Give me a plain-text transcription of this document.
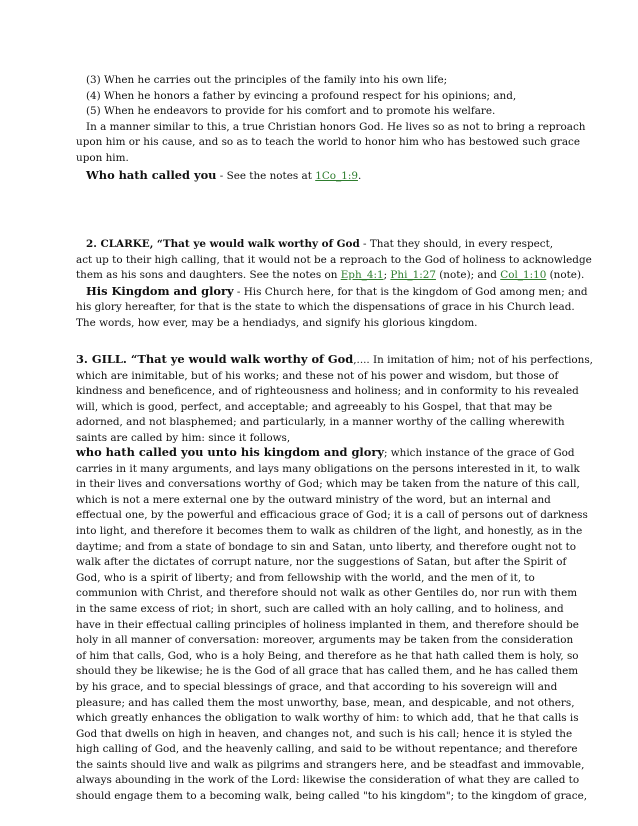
(3) When he carries out the principles of the family into his own life;

(4) When he honors a father by evincing a profound respect for his opinions; and,

(5) When he endeavors to provide for his comfort and to promote his welfare.

In a manner similar to this, a true Christian honors God. He lives so as not to bring a reproach
upon him or his cause, and so as to teach the world to honor him who has bestowed such grace
upon him.

Who hath called you - See the notes at 1Co_1:9.

2. CLARKE, “That ye would walk worthy of God - That they should, in every respect,
act up to their high calling, that it would not be a reproach to the God of holiness to acknowledge
them as his sons and daughters. See the notes on Eph_4:1; Phi_1:27 (note); and Col_1:10 (note).

His Kingdom and glory - His Church here, for that is the kingdom of God among men; and
his glory hereafter, for that is the state to which the dispensations of grace in his Church lead.
The words, how ever, may be a hendiadys, and signify his glorious kingdom.

3. GILL. “That ye would walk worthy of God,.... In imitation of him; not of his perfections,
which are inimitable, but of his works; and these not of his power and wisdom, but those of
kindness and beneficence, and of righteousness and holiness; and in conformity to his revealed
will, which is good, perfect, and acceptable; and agreeably to his Gospel, that that may be
adorned, and not blasphemed; and particularly, in a manner worthy of the calling wherewith
saints are called by him: since it follows,

who hath called you unto his kingdom and glory; which instance of the grace of God
carries in it many arguments, and lays many obligations on the persons interested in it, to walk
in their lives and conversations worthy of God; which may be taken from the nature of this call,
which is not a mere external one by the outward ministry of the word, but an internal and
effectual one, by the powerful and efficacious grace of God; it is a call of persons out of darkness
into light, and therefore it becomes them to walk as children of the light, and honestly, as in the
daytime; and from a state of bondage to sin and Satan, unto liberty, and therefore ought not to
walk after the dictates of corrupt nature, nor the suggestions of Satan, but after the Spirit of
God, who is a spirit of liberty; and from fellowship with the world, and the men of it, to
communion with Christ, and therefore should not walk as other Gentiles do, nor run with them
in the same excess of riot; in short, such are called with an holy calling, and to holiness, and
have in their effectual calling principles of holiness implanted in them, and therefore should be
holy in all manner of conversation: moreover, arguments may be taken from the consideration
of him that calls, God, who is a holy Being, and therefore as he that hath called them is holy, so
should they be likewise; he is the God of all grace that has called them, and he has called them
by his grace, and to special blessings of grace, and that according to his sovereign will and
pleasure; and has called them the most unworthy, base, mean, and despicable, and not others,
which greatly enhances the obligation to walk worthy of him: to which add, that he that calls is
God that dwells on high in heaven, and changes not, and such is his call; hence it is styled the
high calling of God, and the heavenly calling, and said to be without repentance; and therefore
the saints should live and walk as pilgrims and strangers here, and be steadfast and immovable,
always abounding in the work of the Lord: likewise the consideration of what they are called to
should engage them to a becoming walk, being called "to his kingdom"; to the kingdom of grace,
